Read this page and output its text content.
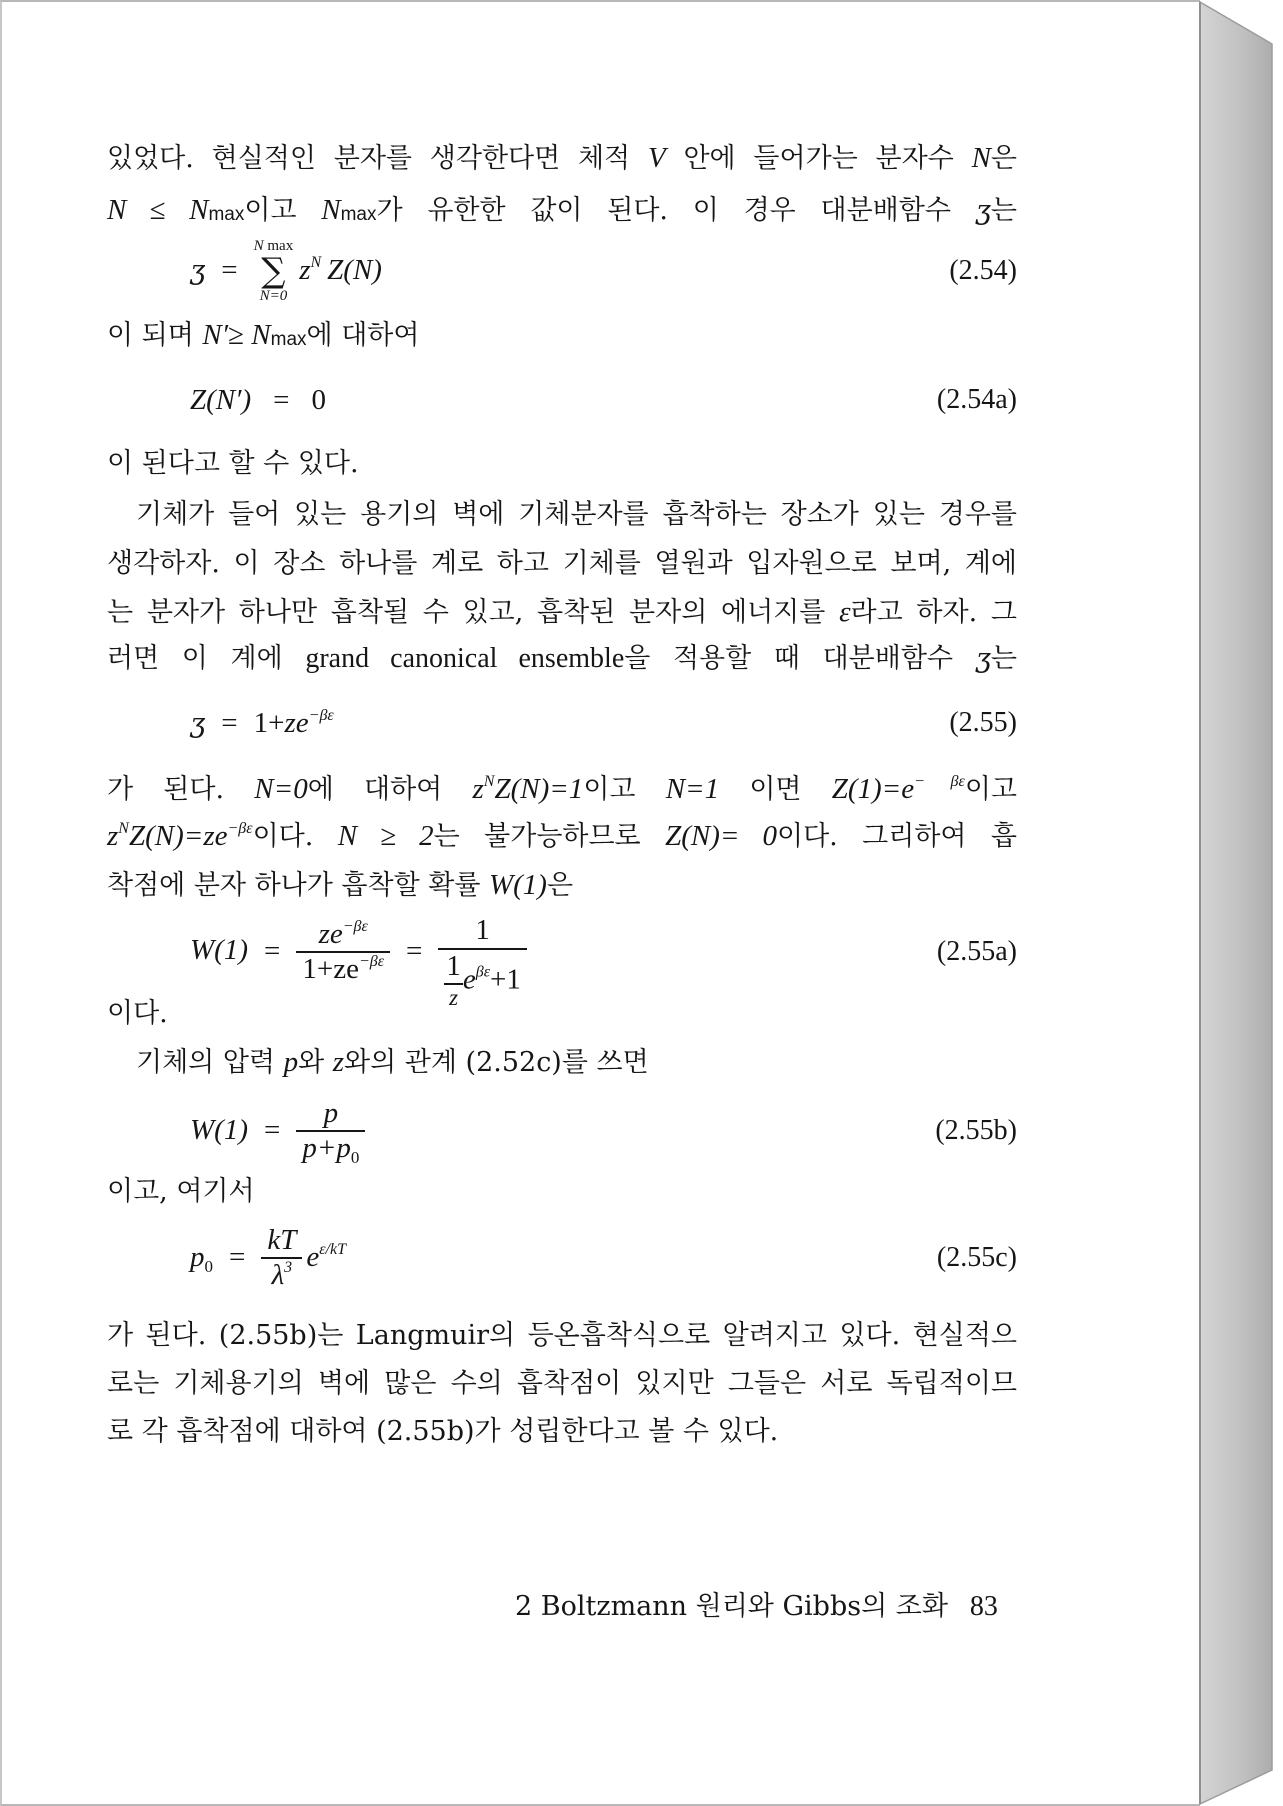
있었다. 현실적인 분자를 생각한다면 체적 V 안에 들어가는 분자수 N은
N ≤ Nmax이고 Nmax가 유한한 값이 된다. 이 경우 대분배함수 ʒ는
ʒ =
N max
∑
N=0
$z^N$ Z(N)	(2.54)
이 되며 N′≥ Nmax에 대하여
Z(N′) = 0	(2.54a)
이 된다고 할 수 있다.
기체가 들어 있는 용기의 벽에 기체분자를 흡착하는 장소가 있는 경우를
생각하자. 이 장소 하나를 계로 하고 기체를 열원과 입자원으로 보며, 계에
는 분자가 하나만 흡착될 수 있고, 흡착된 분자의 에너지를 ε라고 하자. 그
러면 이 계에 grand canonical ensemble을 적용할 때 대분배함수 ʒ는
ʒ = $1+ze^{-\beta\varepsilon}$	(2.55)
가 된다. N=0에 대하여 $z^NZ(N)=1$이고 N=1 이면 $Z(1)=e^{- \beta\varepsilon}$이고
$z^NZ(N)=ze^{-\beta\varepsilon}$이다. N ≥ 2는 불가능하므로 Z(N)= 0이다. 그리하여 흡
착점에 분자 하나가 흡착할 확률 W(1)은
$W(1) = \frac{ze^{-\beta\varepsilon}}{1+ze^{-\beta\varepsilon}} = \frac{1}{\frac{1}{z} e^{\beta\varepsilon}+1}$	(2.55a)
이다.
기체의 압력 p와 z와의 관계 (2.52c)를 쓰면
$W(1) = \frac{p}{p+p_0}$	(2.55b)
이고, 여기서
$p_0 = \frac{kT}{\lambda^3} e^{\varepsilon/kT}$	(2.55c)
가 된다. (2.55b)는 Langmuir의 등온흡착식으로 알려지고 있다. 현실적으
로는 기체용기의 벽에 많은 수의 흡착점이 있지만 그들은 서로 독립적이므
로 각 흡착점에 대하여 (2.55b)가 성립한다고 볼 수 있다.
2 Boltzmann 원리와 Gibbs의 조화 83
